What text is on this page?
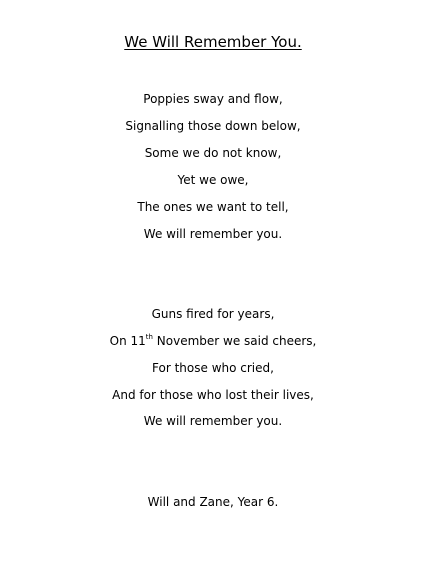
We Will Remember You.
Poppies sway and flow,
Signalling those down below,
Some we do not know,
Yet we owe,
The ones we want to tell,
We will remember you.
Guns fired for years,
On 11th November we said cheers,
For those who cried,
And for those who lost their lives,
We will remember you.
Will and Zane, Year 6.
